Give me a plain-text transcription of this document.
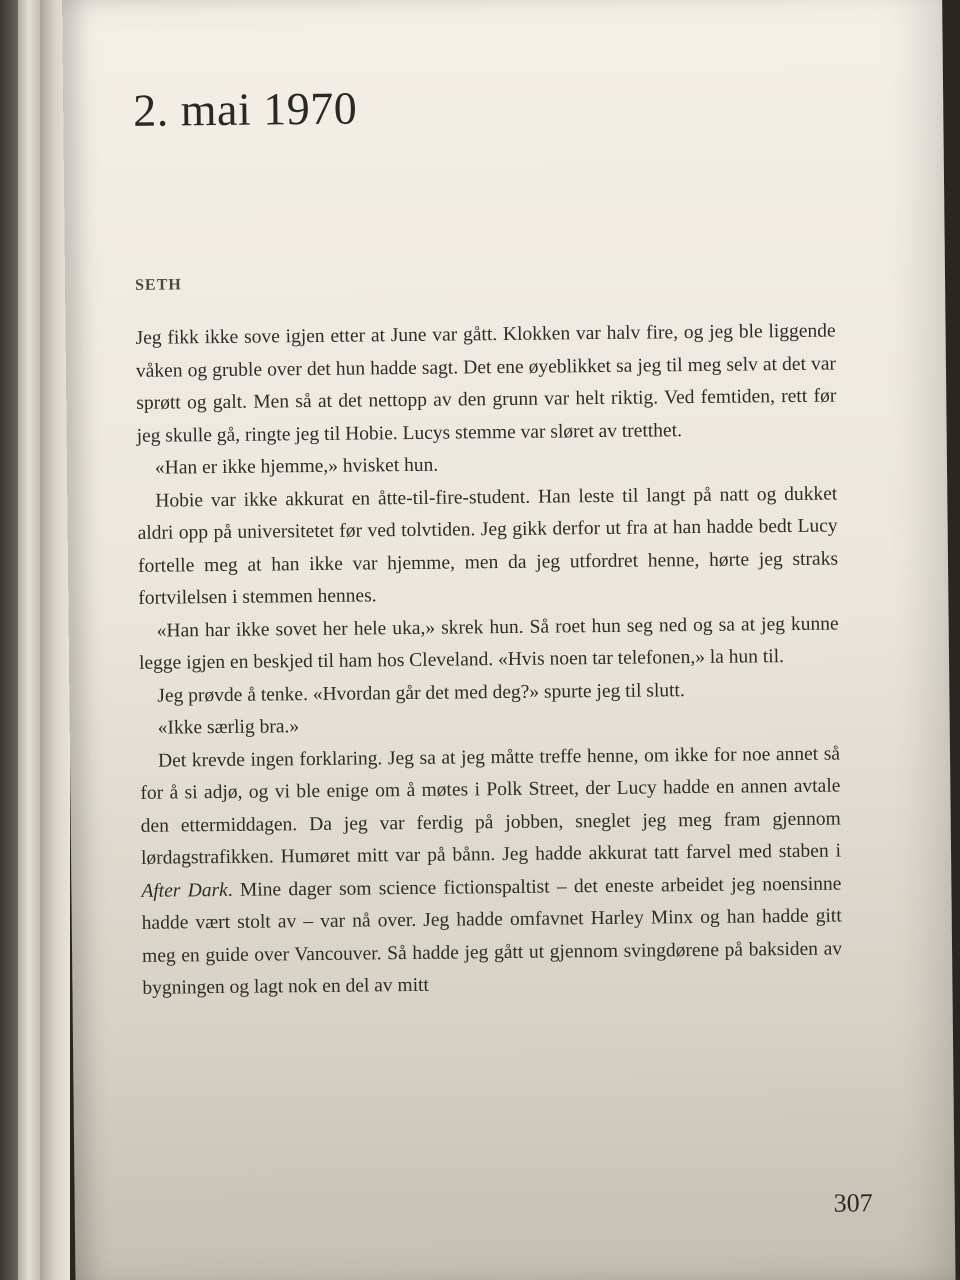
2. mai 1970
SETH

Jeg fikk ikke sove igjen etter at June var gått. Klokken var halv fire, og jeg ble liggende våken og gruble over det hun hadde sagt. Det ene øyeblikket sa jeg til meg selv at det var sprøtt og galt. Men så at det nettopp av den grunn var helt riktig. Ved femtiden, rett før jeg skulle gå, ringte jeg til Hobie. Lucys stemme var sløret av tretthet.

«Han er ikke hjemme,» hvisket hun.

Hobie var ikke akkurat en åtte-til-fire-student. Han leste til langt på natt og dukket aldri opp på universitetet før ved tolvtiden. Jeg gikk derfor ut fra at han hadde bedt Lucy fortelle meg at han ikke var hjemme, men da jeg utfordret henne, hørte jeg straks fortvilelsen i stemmen hennes.

«Han har ikke sovet her hele uka,» skrek hun. Så roet hun seg ned og sa at jeg kunne legge igjen en beskjed til ham hos Cleveland. «Hvis noen tar telefonen,» la hun til.

Jeg prøvde å tenke. «Hvordan går det med deg?» spurte jeg til slutt.

«Ikke særlig bra.»

Det krevde ingen forklaring. Jeg sa at jeg måtte treffe henne, om ikke for noe annet så for å si adjø, og vi ble enige om å møtes i Polk Street, der Lucy hadde en annen avtale den ettermiddagen. Da jeg var ferdig på jobben, sneglet jeg meg fram gjennom lørdagstrafikken. Humøret mitt var på bånn. Jeg hadde akkurat tatt farvel med staben i After Dark. Mine dager som science fictionspaltist – det eneste arbeidet jeg noensinne hadde vært stolt av – var nå over. Jeg hadde omfavnet Harley Minx og han hadde gitt meg en guide over Vancouver. Så hadde jeg gått ut gjennom svingdørene på baksiden av bygningen og lagt nok en del av mitt

307
